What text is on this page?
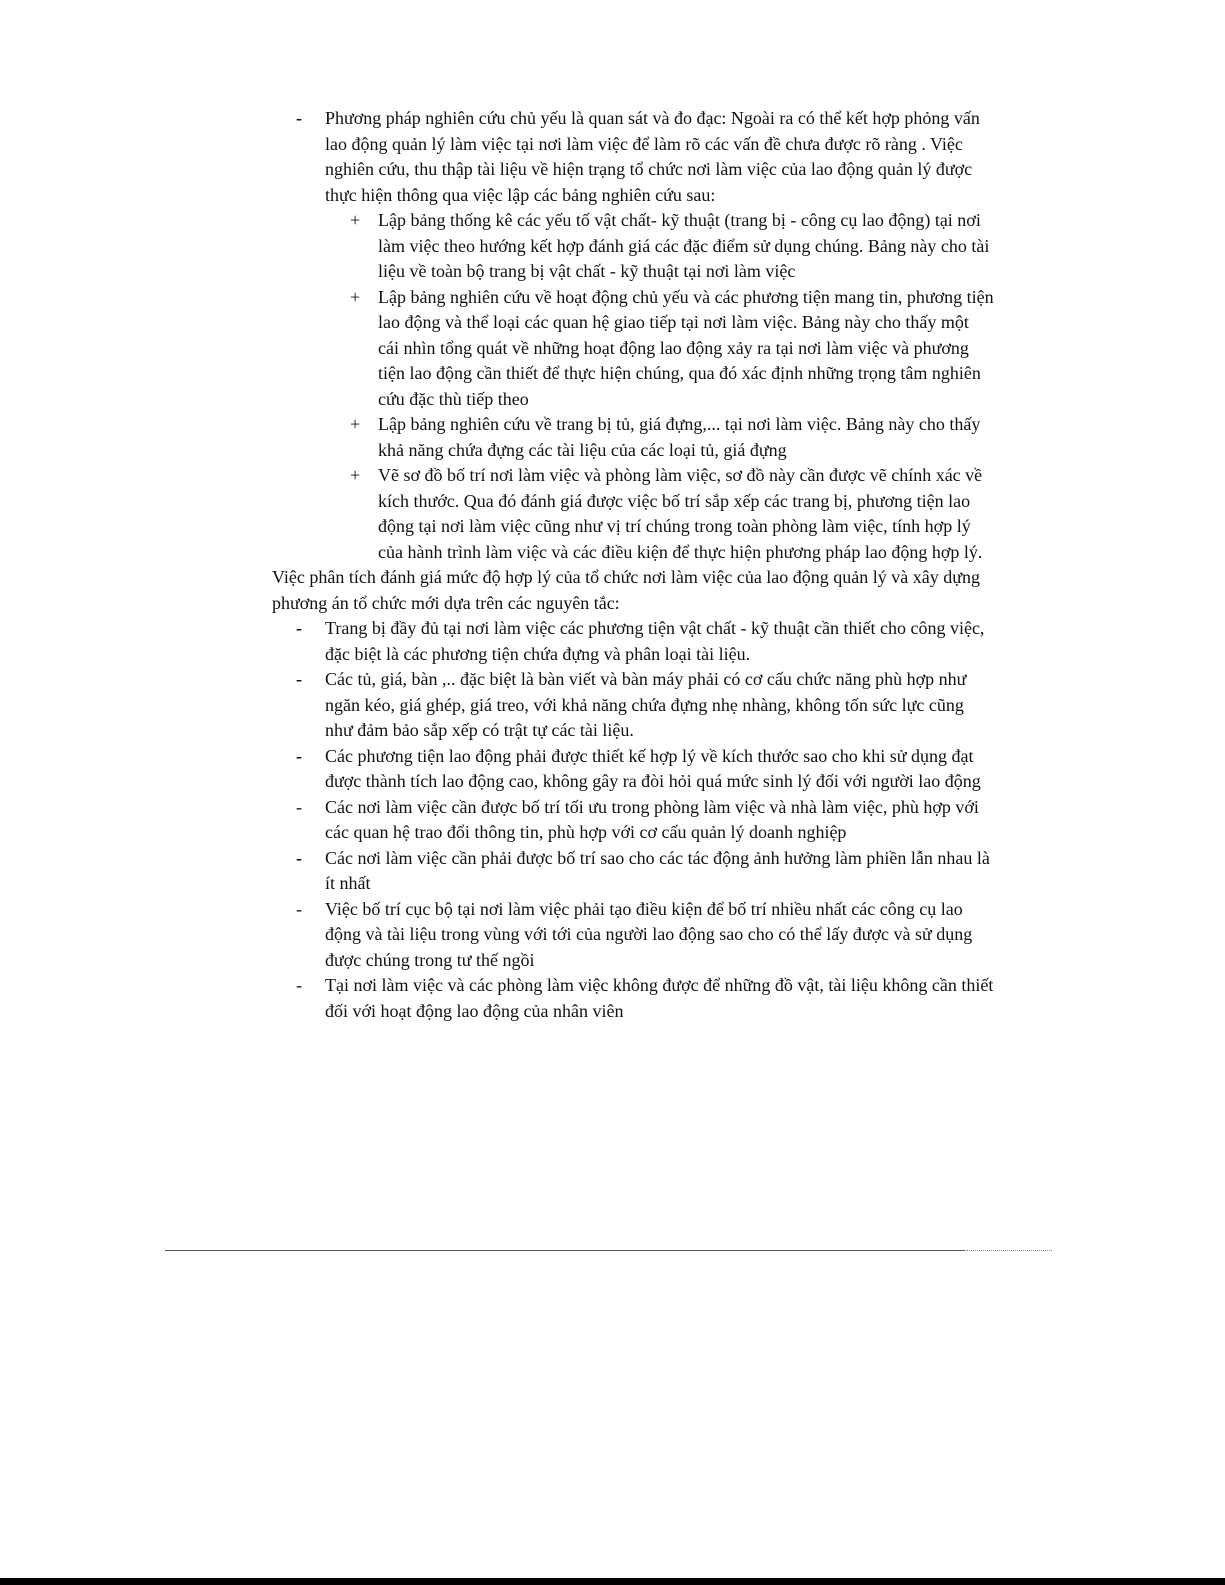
- Phương pháp nghiên cứu chủ yếu là quan sát và đo đạc: Ngoài ra có thể kết hợp phỏng vấn lao động quản lý làm việc tại nơi làm việc để làm rõ các vấn đề chưa được rõ ràng . Việc nghiên cứu, thu thập tài liệu về hiện trạng tổ chức nơi làm việc của lao động quản lý được thực hiện thông qua việc lập các bảng nghiên cứu sau:

+ Lập bảng thống kê các yếu tố vật chất- kỹ thuật (trang bị - công cụ lao động) tại nơi làm việc theo hướng kết hợp đánh giá các đặc điểm sử dụng chúng. Bảng này cho tài liệu về toàn bộ trang bị vật chất - kỹ thuật tại nơi làm việc

+ Lập bảng nghiên cứu về hoạt động chủ yếu và các phương tiện mang tin, phương tiện lao động và thể loại các quan hệ giao tiếp tại nơi làm việc. Bảng này cho thấy một cái nhìn tổng quát về những hoạt động lao động xảy ra tại nơi làm việc và phương tiện lao động cần thiết để thực hiện chúng, qua đó xác định những trọng tâm nghiên cứu đặc thù tiếp theo

+ Lập bảng nghiên cứu về trang bị tủ, giá đựng,... tại nơi làm việc. Bảng này cho thấy khả năng chứa đựng các tài liệu của các loại tủ, giá đựng

+ Vẽ sơ đồ bố trí nơi làm việc và phòng làm việc, sơ đồ này cần được vẽ chính xác về kích thước. Qua đó đánh giá được việc bố trí sắp xếp các trang bị, phương tiện lao động tại nơi làm việc cũng như vị trí chúng trong toàn phòng làm việc, tính hợp lý của hành trình làm việc và các điều kiện để thực hiện phương pháp lao động hợp lý.

Việc phân tích đánh giá mức độ hợp lý của tổ chức nơi làm việc của lao động quản lý và xây dựng phương án tổ chức mới dựa trên các nguyên tắc:

- Trang bị đầy đủ tại nơi làm việc các phương tiện vật chất - kỹ thuật cần thiết cho công việc, đặc biệt là các phương tiện chứa đựng và phân loại tài liệu.

- Các tủ, giá, bàn ,.. đặc biệt là bàn viết và bàn máy phải có cơ cấu chức năng phù hợp như ngăn kéo, giá ghép, giá treo, với khả năng chứa đựng nhẹ nhàng, không tốn sức lực cũng như đảm bảo sắp xếp có trật tự các tài liệu.

- Các phương tiện lao động phải được thiết kế hợp lý về kích thước sao cho khi sử dụng đạt được thành tích lao động cao, không gây ra đòi hỏi quá mức sinh lý đối với người lao động

- Các nơi làm việc cần được bố trí tối ưu trong phòng làm việc và nhà làm việc, phù hợp với các quan hệ trao đổi thông tin, phù hợp với cơ cấu quản lý doanh nghiệp

- Các nơi làm việc cần phải được bố trí sao cho các tác động ảnh hưởng làm phiền lẫn nhau là ít nhất

- Việc bố trí cục bộ tại nơi làm việc phải tạo điều kiện để bố trí nhiều nhất các công cụ lao động và tài liệu trong vùng với tới của người lao động sao cho có thể lấy được và sử dụng được chúng trong tư thế ngồi

- Tại nơi làm việc và các phòng làm việc không được để những đồ vật, tài liệu không cần thiết đối với hoạt động lao động của nhân viên
